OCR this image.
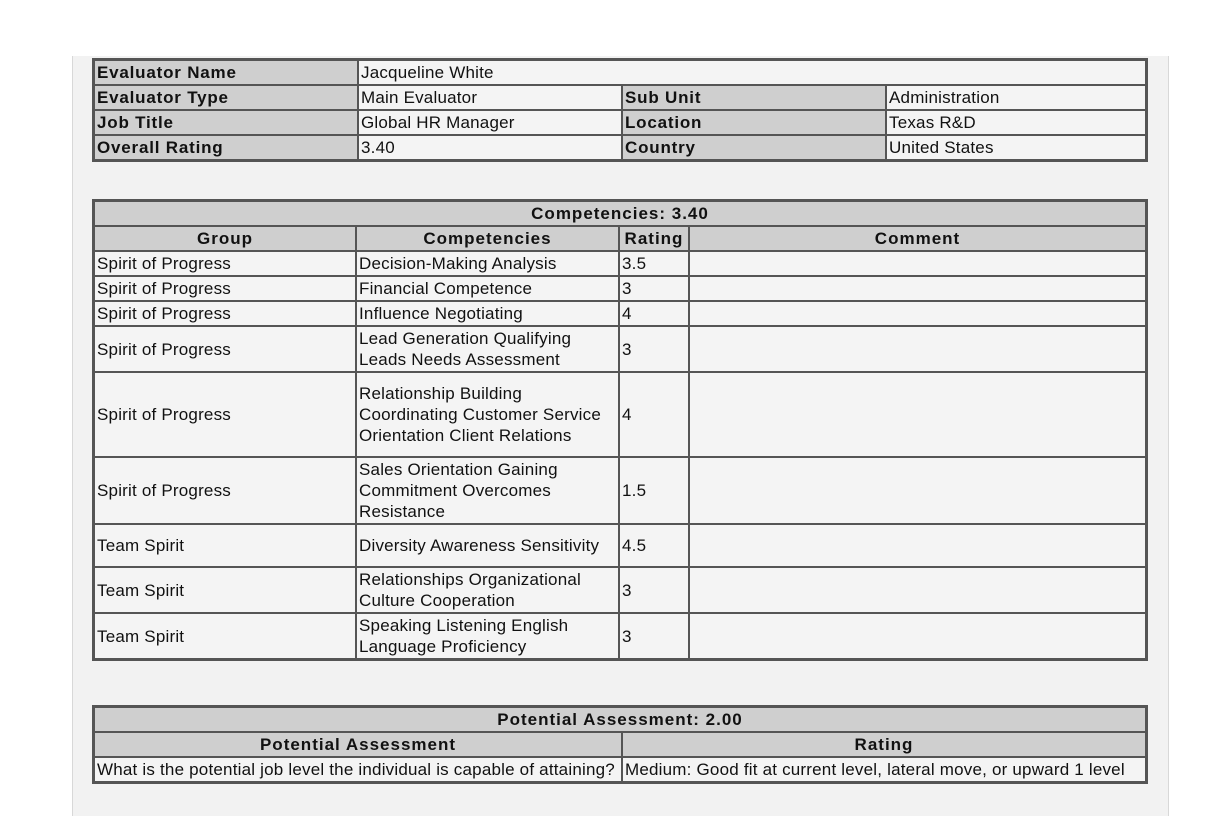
Evaluator Name	Jacqueline White		
Evaluator Type	Main Evaluator	Sub Unit	Administration
Job Title	Global HR Manager	Location	Texas R&D
Overall Rating	3.40	Country	United States
Competencies: 3.40			
Group	Competencies	Rating	Comment
Spirit of Progress	Decision-Making Analysis	3.5	
Spirit of Progress	Financial Competence	3	
Spirit of Progress	Influence Negotiating	4	
Spirit of Progress	Lead Generation Qualifying Leads Needs Assessment	3	
Spirit of Progress	Relationship Building Coordinating Customer Service Orientation Client Relations	4	
Spirit of Progress	Sales Orientation Gaining Commitment Overcomes Resistance	1.5	
Team Spirit	Diversity Awareness Sensitivity	4.5	
Team Spirit	Relationships Organizational Culture Cooperation	3	
Team Spirit	Speaking Listening English Language Proficiency	3	
Potential Assessment: 2.00	
Potential Assessment	Rating
What is the potential job level the individual is capable of attaining?	Medium: Good fit at current level, lateral move, or upward 1 level
